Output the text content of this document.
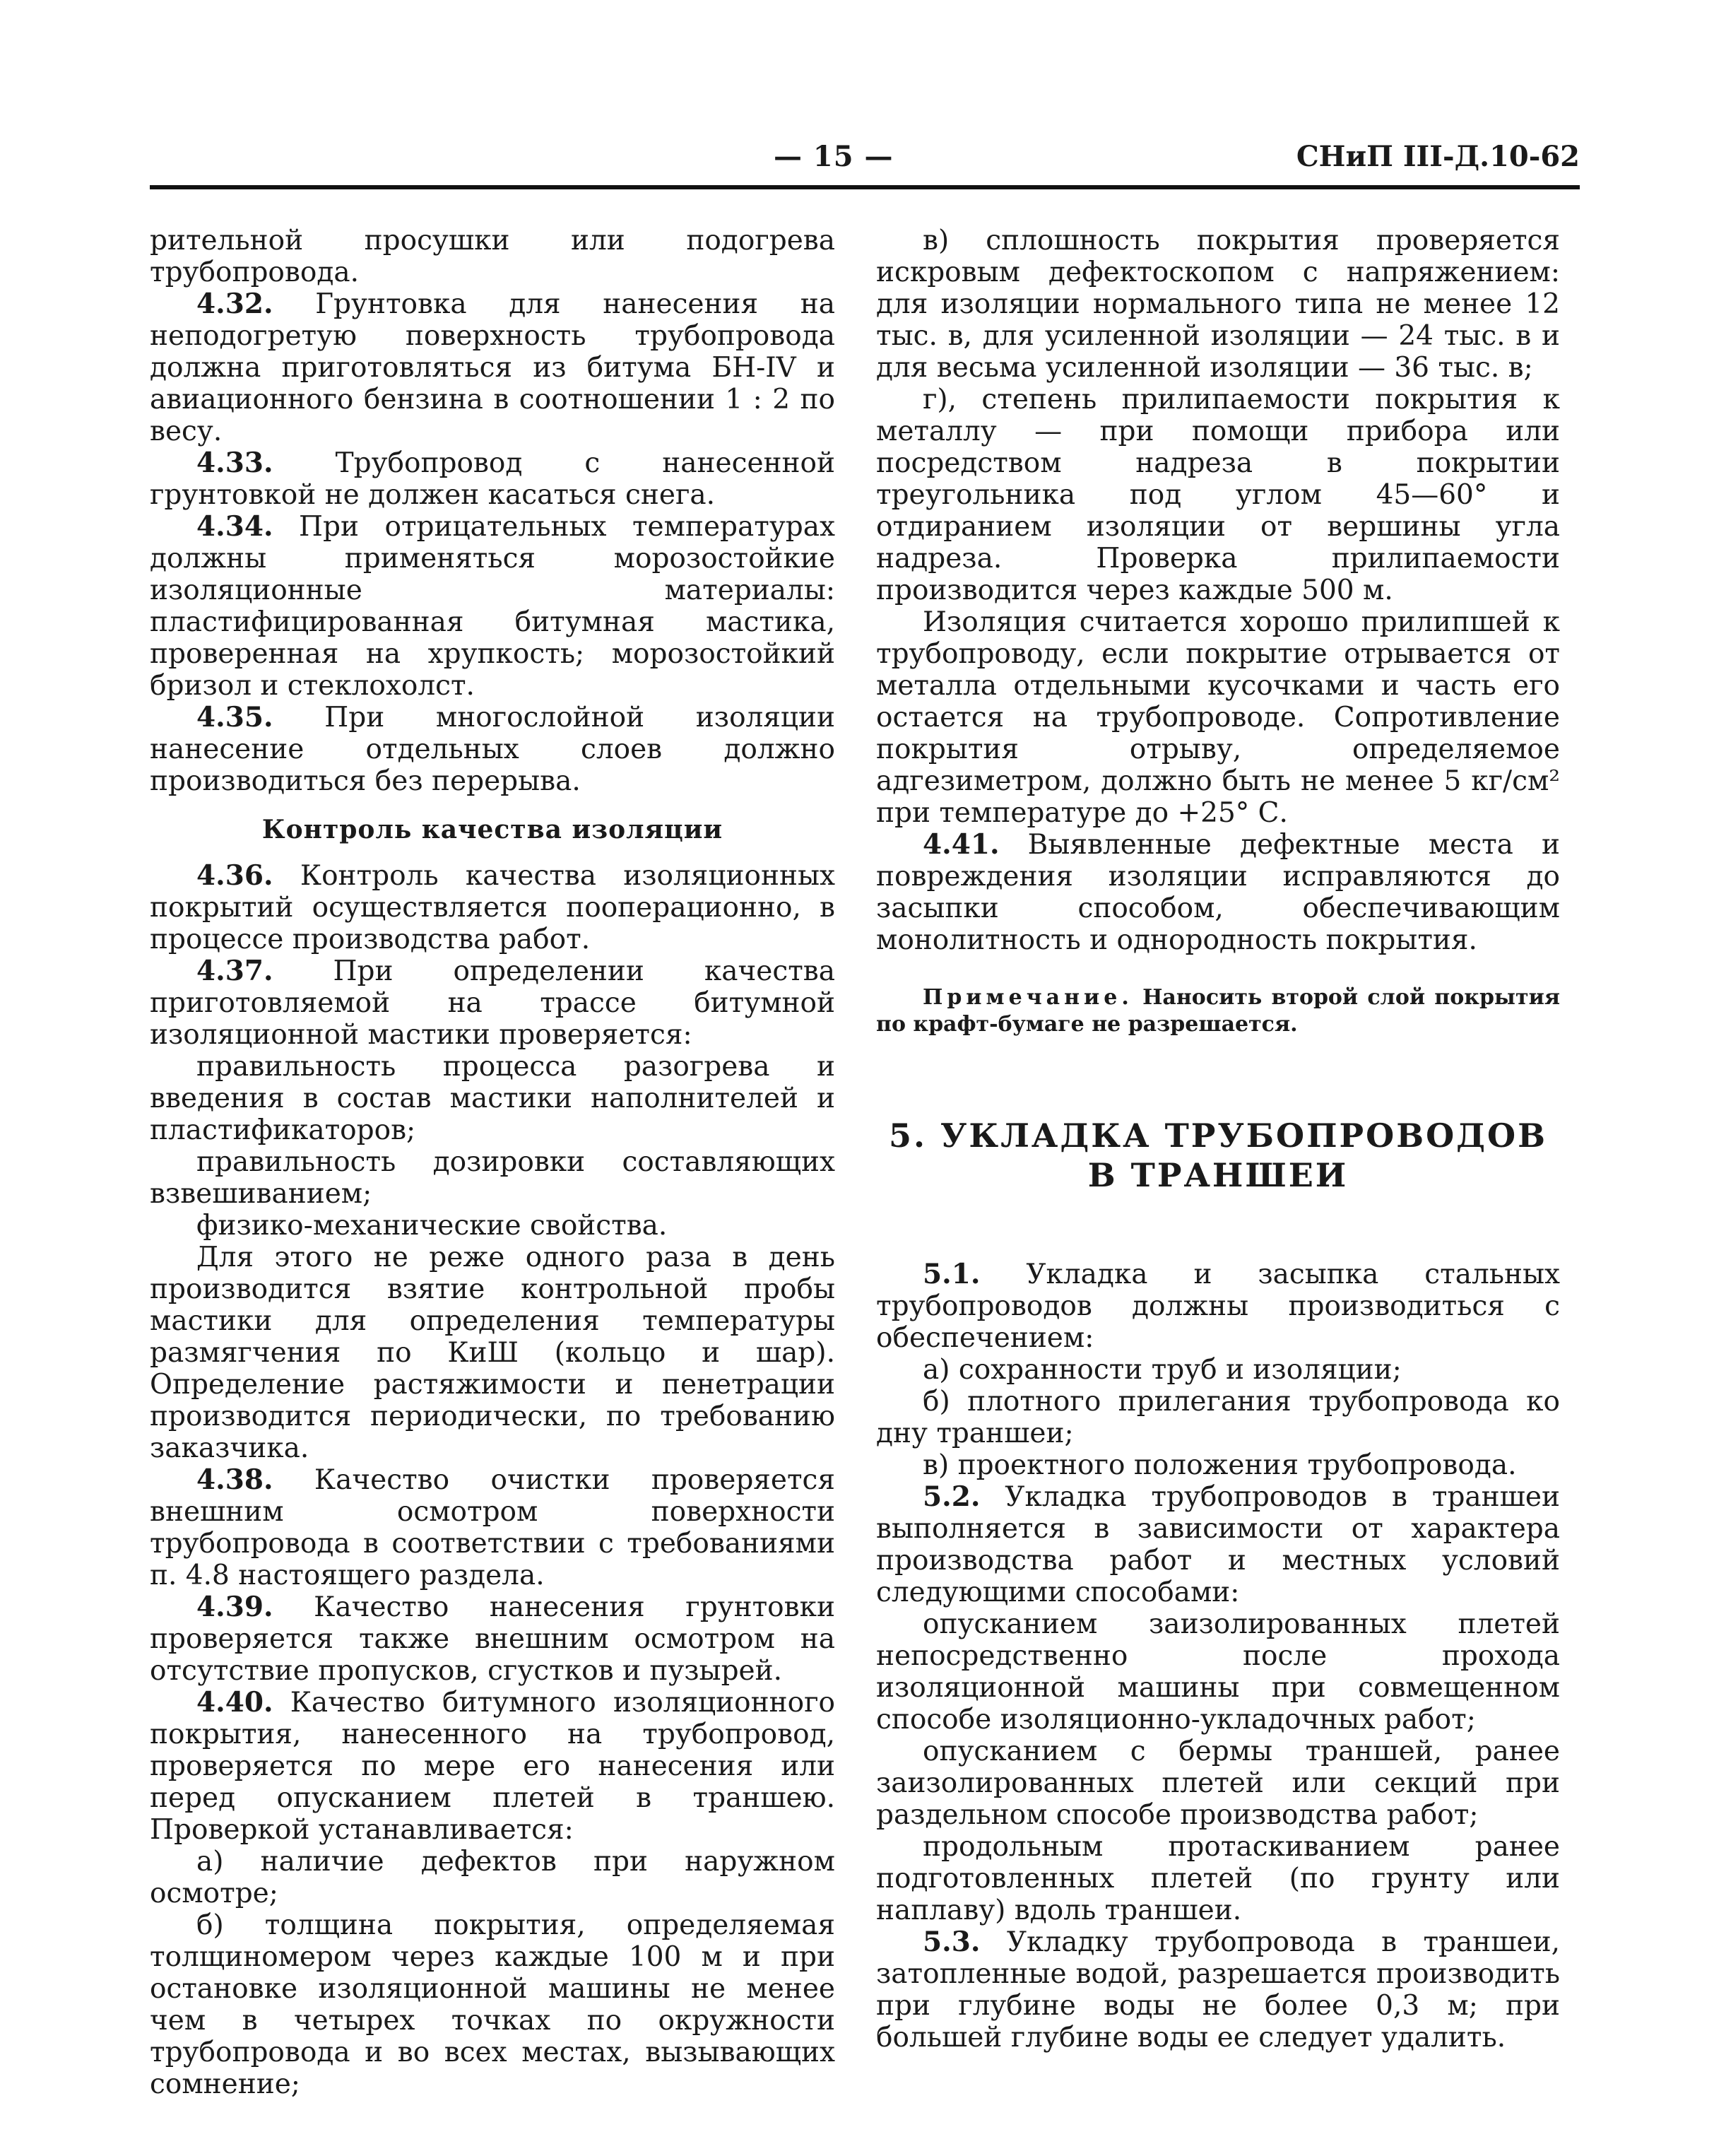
— 15 —	СНиП III-Д.10-62

рительной просушки или подогрева трубопровода.

4.32. Грунтовка для нанесения на неподогретую поверхность трубопровода должна приготовляться из битума БН-IV и авиационного бензина в соотношении 1 : 2 по весу.

4.33. Трубопровод с нанесенной грунтовкой не должен касаться снега.

4.34. При отрицательных температурах должны применяться морозостойкие изоляционные материалы: пластифицированная битумная мастика, проверенная на хрупкость; морозостойкий бризол и стеклохолст.

4.35. При многослойной изоляции нанесение отдельных слоев должно производиться без перерыва.

Контроль качества изоляции

4.36. Контроль качества изоляционных покрытий осуществляется пооперационно, в процессе производства работ.

4.37. При определении качества приготовляемой на трассе битумной изоляционной мастики проверяется:

правильность процесса разогрева и введения в состав мастики наполнителей и пластификаторов;

правильность дозировки составляющих взвешиванием;

физико-механические свойства.

Для этого не реже одного раза в день производится взятие контрольной пробы мастики для определения температуры размягчения по КиШ (кольцо и шар). Определение растяжимости и пенетрации производится периодически, по требованию заказчика.

4.38. Качество очистки проверяется внешним осмотром поверхности трубопровода в соответствии с требованиями п. 4.8 настоящего раздела.

4.39. Качество нанесения грунтовки проверяется также внешним осмотром на отсутствие пропусков, сгустков и пузырей.

4.40. Качество битумного изоляционного покрытия, нанесенного на трубопровод, проверяется по мере его нанесения или перед опусканием плетей в траншею. Проверкой устанавливается:

а) наличие дефектов при наружном осмотре;

б) толщина покрытия, определяемая толщиномером через каждые 100 м и при остановке изоляционной машины не менее чем в четырех точках по окружности трубопровода и во всех местах, вызывающих сомнение;

в) сплошность покрытия проверяется искровым дефектоскопом с напряжением: для изоляции нормального типа не менее 12 тыс. в, для усиленной изоляции — 24 тыс. в и для весьма усиленной изоляции — 36 тыс. в;

г), степень прилипаемости покрытия к металлу — при помощи прибора или посредством надреза в покрытии треугольника под углом 45—60° и отдиранием изоляции от вершины угла надреза. Проверка прилипаемости производится через каждые 500 м.

Изоляция считается хорошо прилипшей к трубопроводу, если покрытие отрывается от металла отдельными кусочками и часть его остается на трубопроводе. Сопротивление покрытия отрыву, определяемое адгезиметром, должно быть не менее 5 кг/см² при температуре до +25° С.

4.41. Выявленные дефектные места и повреждения изоляции исправляются до засыпки способом, обеспечивающим монолитность и однородность покрытия.

Примечание. Наносить второй слой покрытия по крафт-бумаге не разрешается.

5. УКЛАДКА ТРУБОПРОВОДОВ
В ТРАНШЕИ

5.1. Укладка и засыпка стальных трубопроводов должны производиться с обеспечением:

а) сохранности труб и изоляции;

б) плотного прилегания трубопровода ко дну траншеи;

в) проектного положения трубопровода.

5.2. Укладка трубопроводов в траншеи выполняется в зависимости от характера производства работ и местных условий следующими способами:

опусканием заизолированных плетей непосредственно после прохода изоляционной машины при совмещенном способе изоляционно-укладочных работ;

опусканием с бермы траншей, ранее заизолированных плетей или секций при раздельном способе производства работ;

продольным протаскиванием ранее подготовленных плетей (по грунту или наплаву) вдоль траншеи.

5.3. Укладку трубопровода в траншеи, затопленные водой, разрешается производить при глубине воды не более 0,3 м; при большей глубине воды ее следует удалить.
